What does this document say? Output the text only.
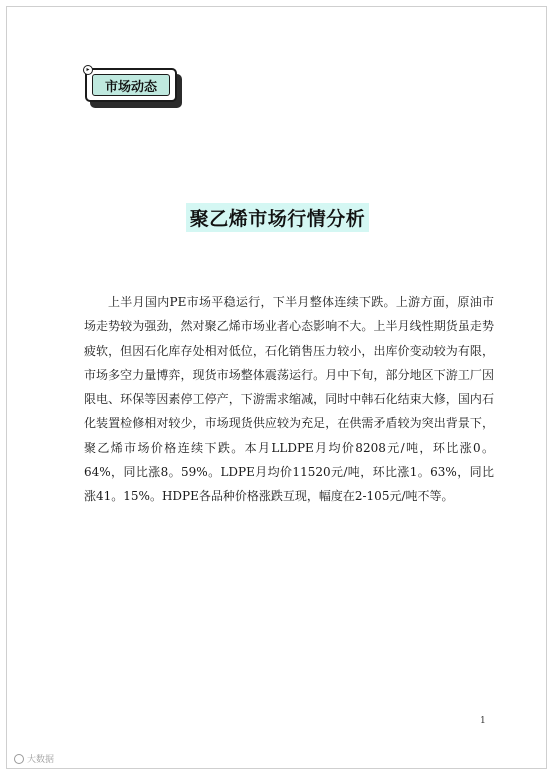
市场动态
▸
聚乙烯市场行情分析

上半月国内PE市场平稳运行，下半月整体连续下跌。上游方面，原油市场走势较为强劲，然对聚乙烯市场业者心态影响不大。上半月线性期货虽走势疲软，但因石化库存处相对低位，石化销售压力较小，出库价变动较为有限，市场多空力量博弈，现货市场整体震荡运行。月中下旬，部分地区下游工厂因限电、环保等因素停工停产，下游需求缩减，同时中韩石化结束大修，国内石化装置检修相对较少，市场现货供应较为充足，在供需矛盾较为突出背景下，聚乙烯市场价格连续下跌。本月LLDPE月均价8208元/吨，环比涨0。64%，同比涨8。59%。LDPE月均价11520元/吨，环比涨1。63%，同比涨41。15%。HDPE各品种价格涨跌互现，幅度在2-105元/吨不等。

1
大数据
